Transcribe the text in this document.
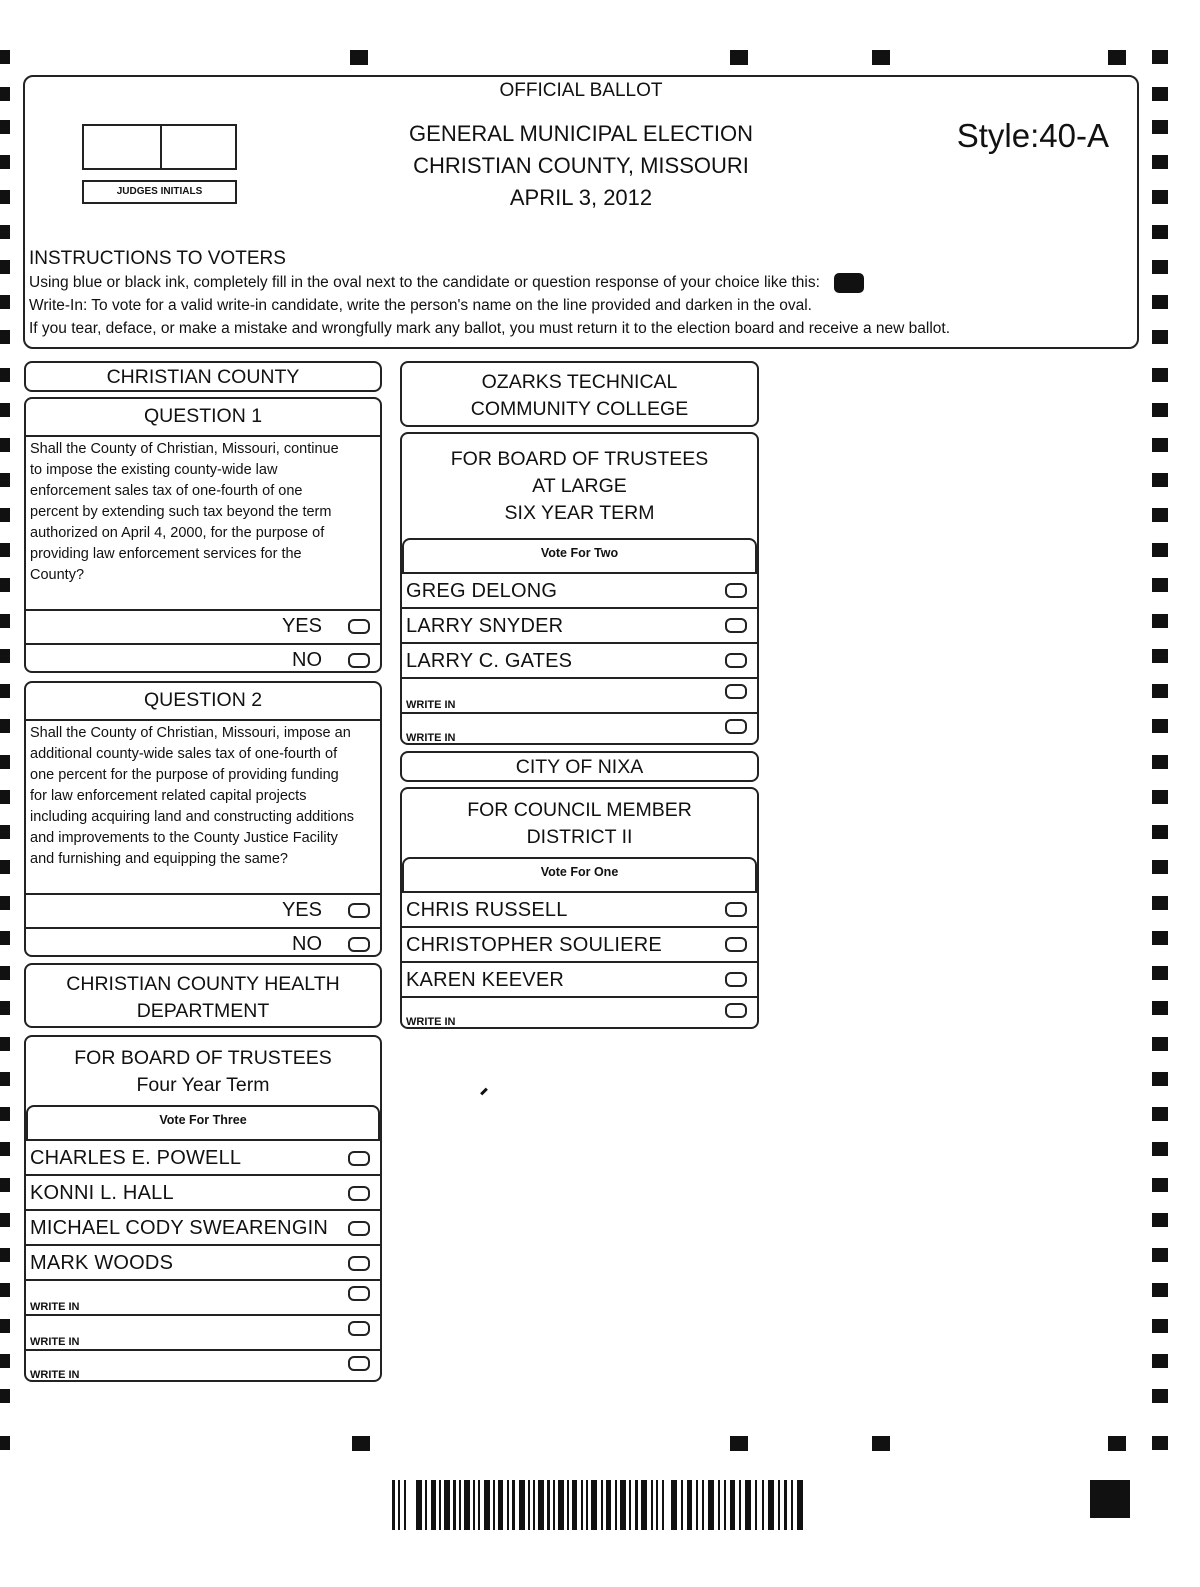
OFFICIAL BALLOT
GENERAL MUNICIPAL ELECTION
CHRISTIAN COUNTY, MISSOURI
APRIL 3, 2012
Style:40-A
JUDGES INITIALS
INSTRUCTIONS TO VOTERS
Using blue or black ink, completely fill in the oval next to the candidate or question response of your choice like this:
Write-In: To vote for a valid write-in candidate, write the person's name on the line provided and darken in the oval.
If you tear, deface, or make a mistake and wrongfully mark any ballot, you must return it to the election board and receive a new ballot.
CHRISTIAN COUNTY
QUESTION 1
Shall the County of Christian, Missouri, continue
to impose the existing county-wide law
enforcement sales tax of one-fourth of one
percent by extending such tax beyond the term
authorized on April 4, 2000, for the purpose of
providing law enforcement services for the
County?
YES
NO
QUESTION 2
Shall the County of Christian, Missouri, impose an
additional county-wide sales tax of one-fourth of
one percent for the purpose of providing funding
for law enforcement related capital projects
including acquiring land and constructing additions
and improvements to the County Justice Facility
and furnishing and equipping the same?
YES
NO
CHRISTIAN COUNTY HEALTH
DEPARTMENT
FOR BOARD OF TRUSTEES
Four Year Term
Vote For Three
CHARLES E. POWELL
KONNI L. HALL
MICHAEL CODY SWEARENGIN
MARK WOODS
WRITE IN
WRITE IN
WRITE IN
OZARKS TECHNICAL
COMMUNITY COLLEGE
FOR BOARD OF TRUSTEES
AT LARGE
SIX YEAR TERM
Vote For Two
GREG DELONG
LARRY SNYDER
LARRY C. GATES
WRITE IN
WRITE IN
CITY OF NIXA
FOR COUNCIL MEMBER
DISTRICT II
Vote For One
CHRIS RUSSELL
CHRISTOPHER SOULIERE
KAREN KEEVER
WRITE IN
